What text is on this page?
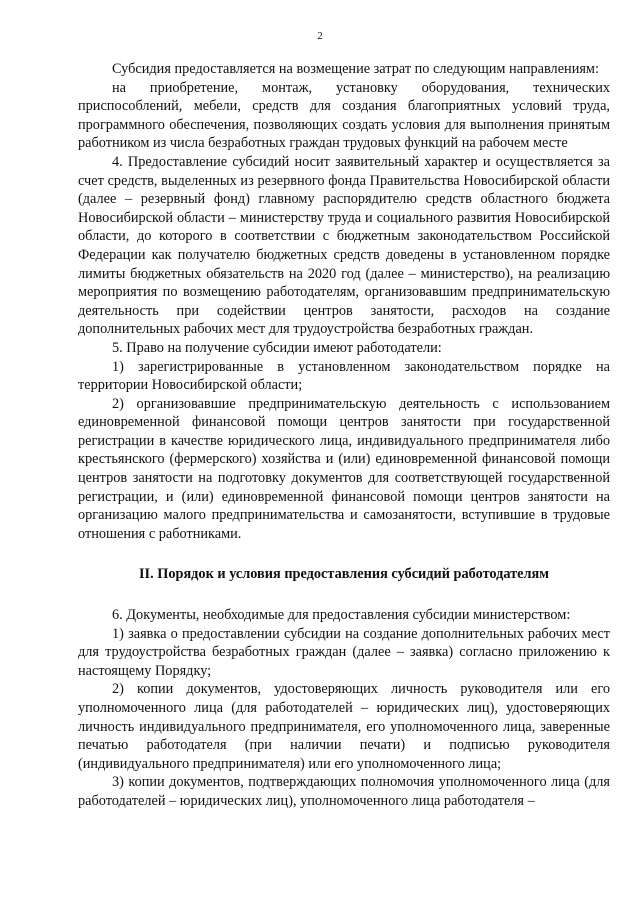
2

Субсидия предоставляется на возмещение затрат по следующим направлениям:

на приобретение, монтаж, установку оборудования, технических приспособлений, мебели, средств для создания благоприятных условий труда, программного обеспечения, позволяющих создать условия для выполнения принятым работником из числа безработных граждан трудовых функций на рабочем месте

4. Предоставление субсидий носит заявительный характер и осуществляется за счет средств, выделенных из резервного фонда Правительства Новосибирской области (далее – резервный фонд) главному распорядителю средств областного бюджета Новосибирской области – министерству труда и социального развития Новосибирской области, до которого в соответствии с бюджетным законодательством Российской Федерации как получателю бюджетных средств доведены в установленном порядке лимиты бюджетных обязательств на 2020 год (далее – министерство), на реализацию мероприятия по возмещению работодателям, организовавшим предпринимательскую деятельность при содействии центров занятости, расходов на создание дополнительных рабочих мест для трудоустройства безработных граждан.

5. Право на получение субсидии имеют работодатели:

1) зарегистрированные в установленном законодательством порядке на территории Новосибирской области;

2) организовавшие предпринимательскую деятельность с использованием единовременной финансовой помощи центров занятости при государственной регистрации в качестве юридического лица, индивидуального предпринимателя либо крестьянского (фермерского) хозяйства и (или) единовременной финансовой помощи центров занятости на подготовку документов для соответствующей государственной регистрации, и (или) единовременной финансовой помощи центров занятости на организацию малого предпринимательства и самозанятости, вступившие в трудовые отношения с работниками.

II. Порядок и условия предоставления субсидий работодателям

6. Документы, необходимые для предоставления субсидии министерством:

1) заявка о предоставлении субсидии на создание дополнительных рабочих мест для трудоустройства безработных граждан (далее – заявка) согласно приложению к настоящему Порядку;

2) копии документов, удостоверяющих личность руководителя или его уполномоченного лица (для работодателей – юридических лиц), удостоверяющих личность индивидуального предпринимателя, его уполномоченного лица, заверенные печатью работодателя (при наличии печати) и подписью руководителя (индивидуального предпринимателя) или его уполномоченного лица;

3) копии документов, подтверждающих полномочия уполномоченного лица (для работодателей – юридических лиц), уполномоченного лица работодателя –
